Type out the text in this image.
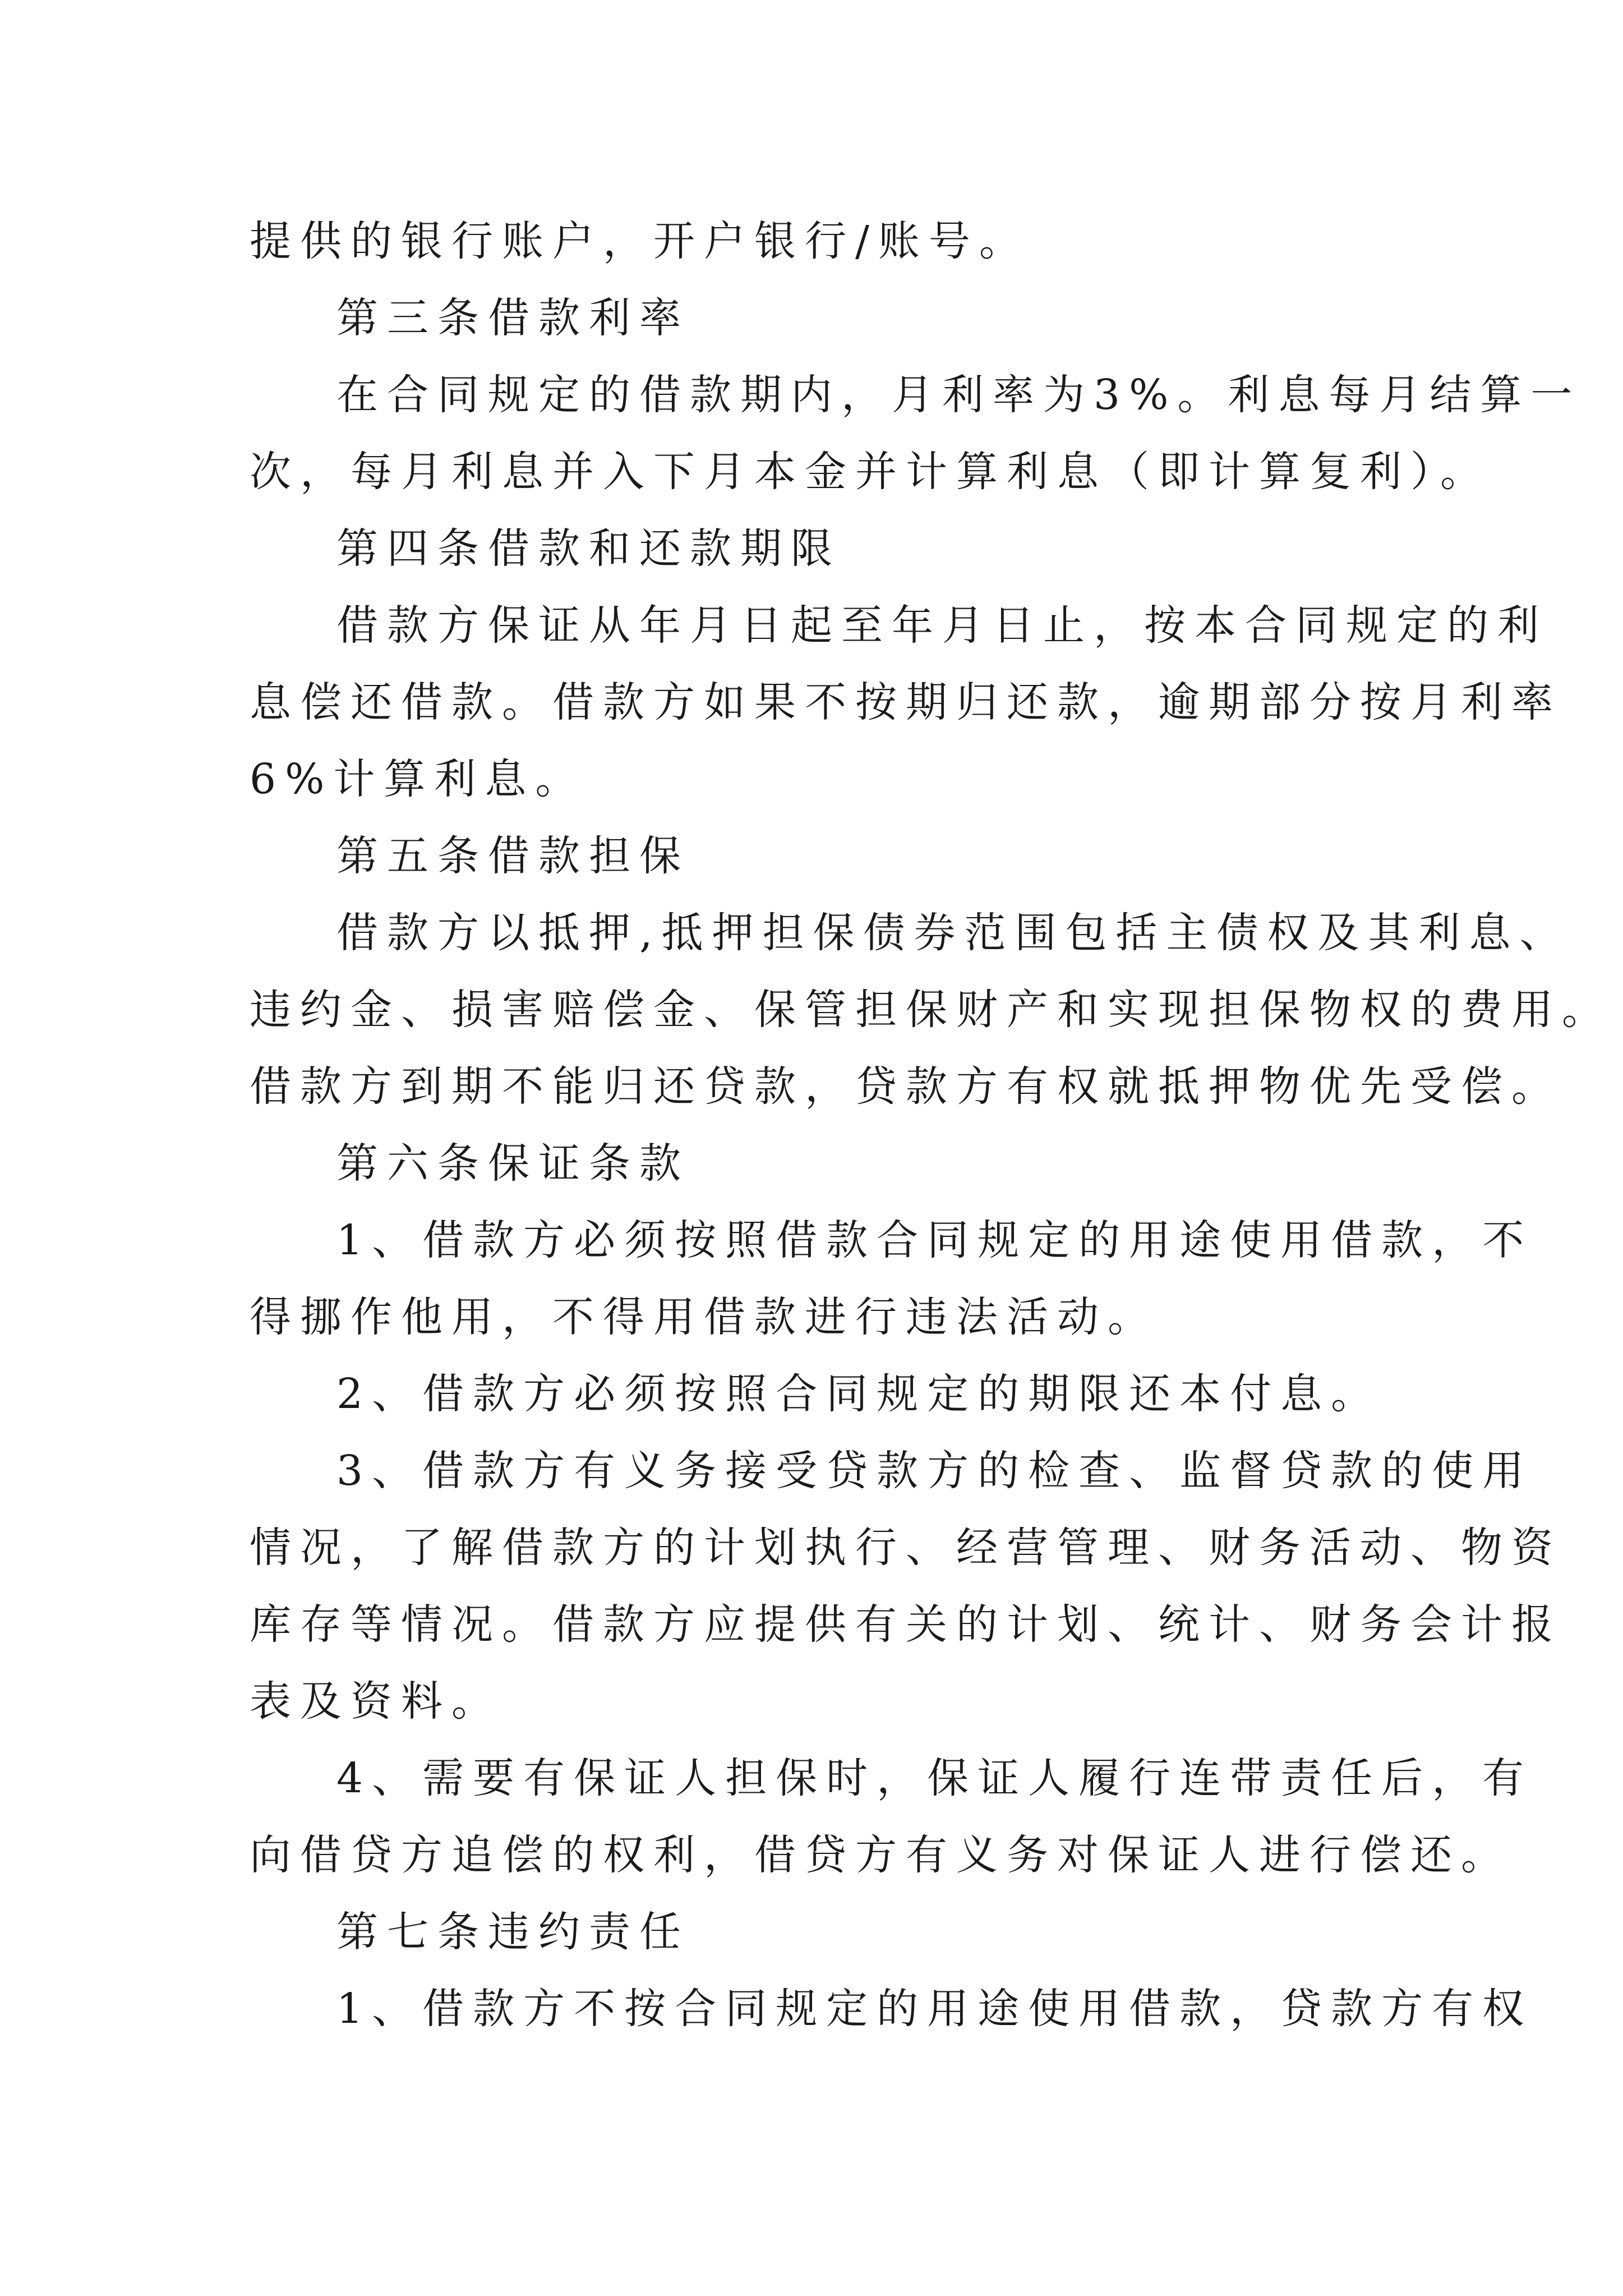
提供的银行账户，开户银行/账号。
第三条借款利率
在合同规定的借款期内，月利率为3%。利息每月结算一
次，每月利息并入下月本金并计算利息（即计算复利）。
第四条借款和还款期限
借款方保证从年月日起至年月日止，按本合同规定的利
息偿还借款。借款方如果不按期归还款，逾期部分按月利率
6%计算利息。
第五条借款担保
借款方以抵押,抵押担保债券范围包括主债权及其利息、
违约金、损害赔偿金、保管担保财产和实现担保物权的费用。
借款方到期不能归还贷款，贷款方有权就抵押物优先受偿。
第六条保证条款
1、借款方必须按照借款合同规定的用途使用借款，不
得挪作他用，不得用借款进行违法活动。
2、借款方必须按照合同规定的期限还本付息。
3、借款方有义务接受贷款方的检查、监督贷款的使用
情况，了解借款方的计划执行、经营管理、财务活动、物资
库存等情况。借款方应提供有关的计划、统计、财务会计报
表及资料。
4、需要有保证人担保时，保证人履行连带责任后，有
向借贷方追偿的权利，借贷方有义务对保证人进行偿还。
第七条违约责任
1、借款方不按合同规定的用途使用借款，贷款方有权
